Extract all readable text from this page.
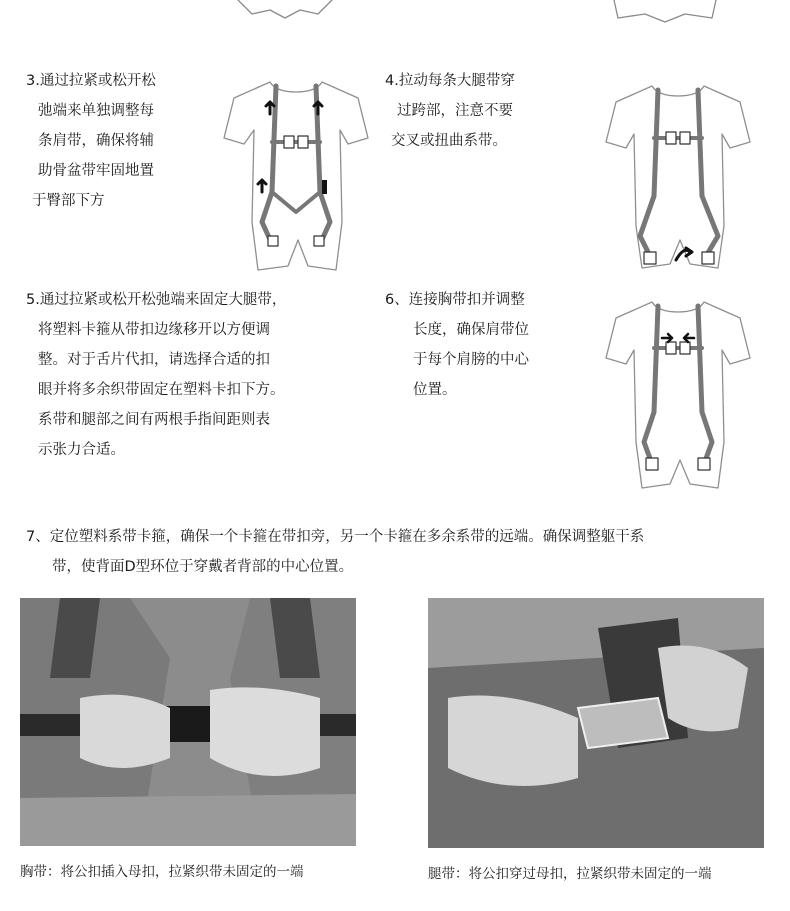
3.通过拉紧或松开松
弛端来单独调整每
条肩带，确保将辅
助骨盆带牢固地置
于臀部下方
4.拉动每条大腿带穿
过跨部，注意不要
交叉或扭曲系带。
5.通过拉紧或松开松弛端来固定大腿带，
将塑料卡箍从带扣边缘移开以方便调
整。对于舌片代扣，请选择合适的扣
眼并将多余织带固定在塑料卡扣下方。
系带和腿部之间有两根手指间距则表
示张力合适。
6、连接胸带扣并调整
长度，确保肩带位
于每个肩膀的中心
位置。
7、定位塑料系带卡箍，确保一个卡箍在带扣旁，另一个卡箍在多余系带的远端。确保调整躯干系
带，使背面D型环位于穿戴者背部的中心位置。
胸带：将公扣插入母扣，拉紧织带未固定的一端	腿带：将公扣穿过母扣，拉紧织带未固定的一端
